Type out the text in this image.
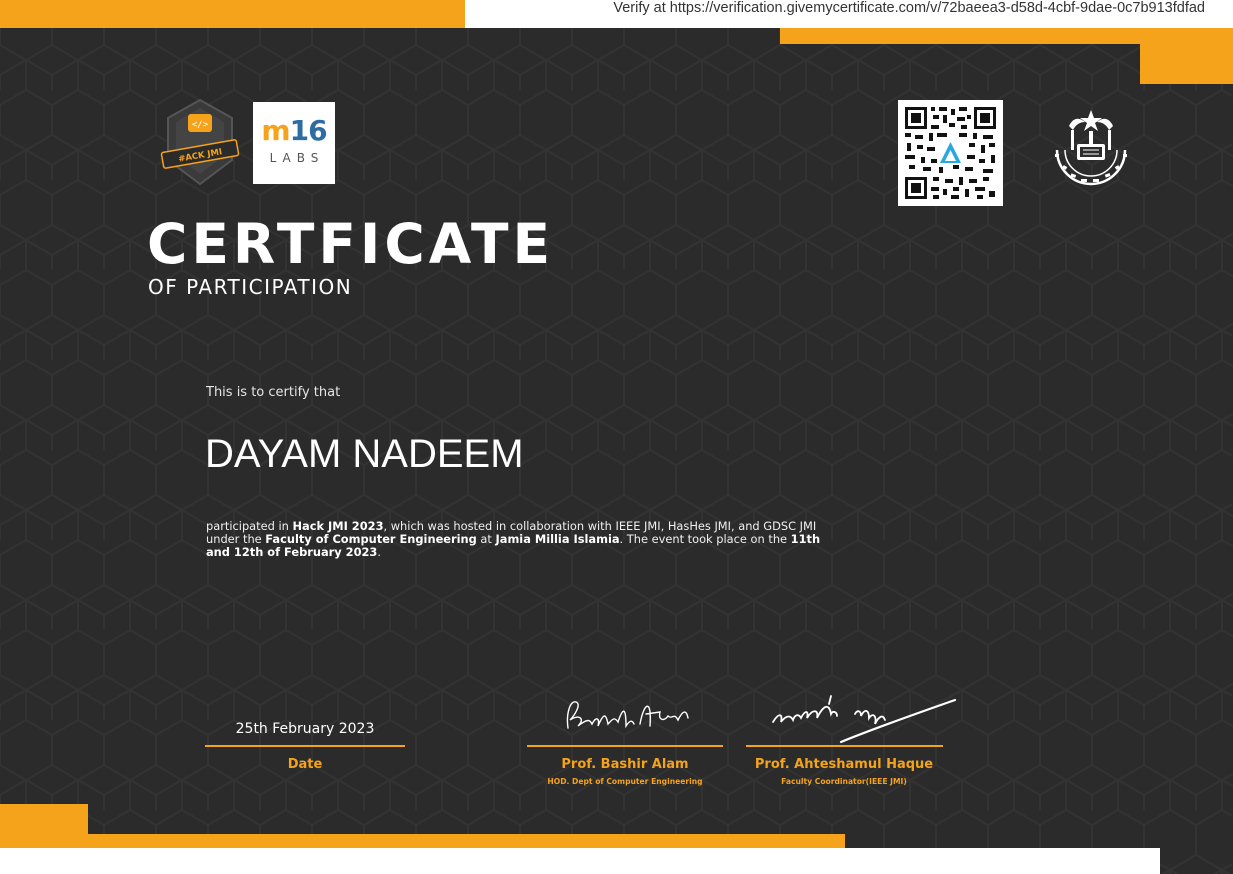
Verify at https://verification.givemycertificate.com/v/72baeea3-d58d-4cbf-9dae-0c7b913fdfad
</>
#ACK JMI
m16
LABS
CERTFICATE
OF PARTICIPATION
This is to certify that
DAYAM NADEEM
participated in Hack JMI 2023, which was hosted in collaboration with IEEE JMI, HasHes JMI, and GDSC JMI under the Faculty of Computer Engineering at Jamia Millia Islamia. The event took place on the 11th and 12th of February 2023.
25th February 2023
Date	Prof. Bashir Alam
HOD. Dept of Computer Engineering
Prof. Ahteshamul Haque
Faculty Coordinator(IEEE JMI)
